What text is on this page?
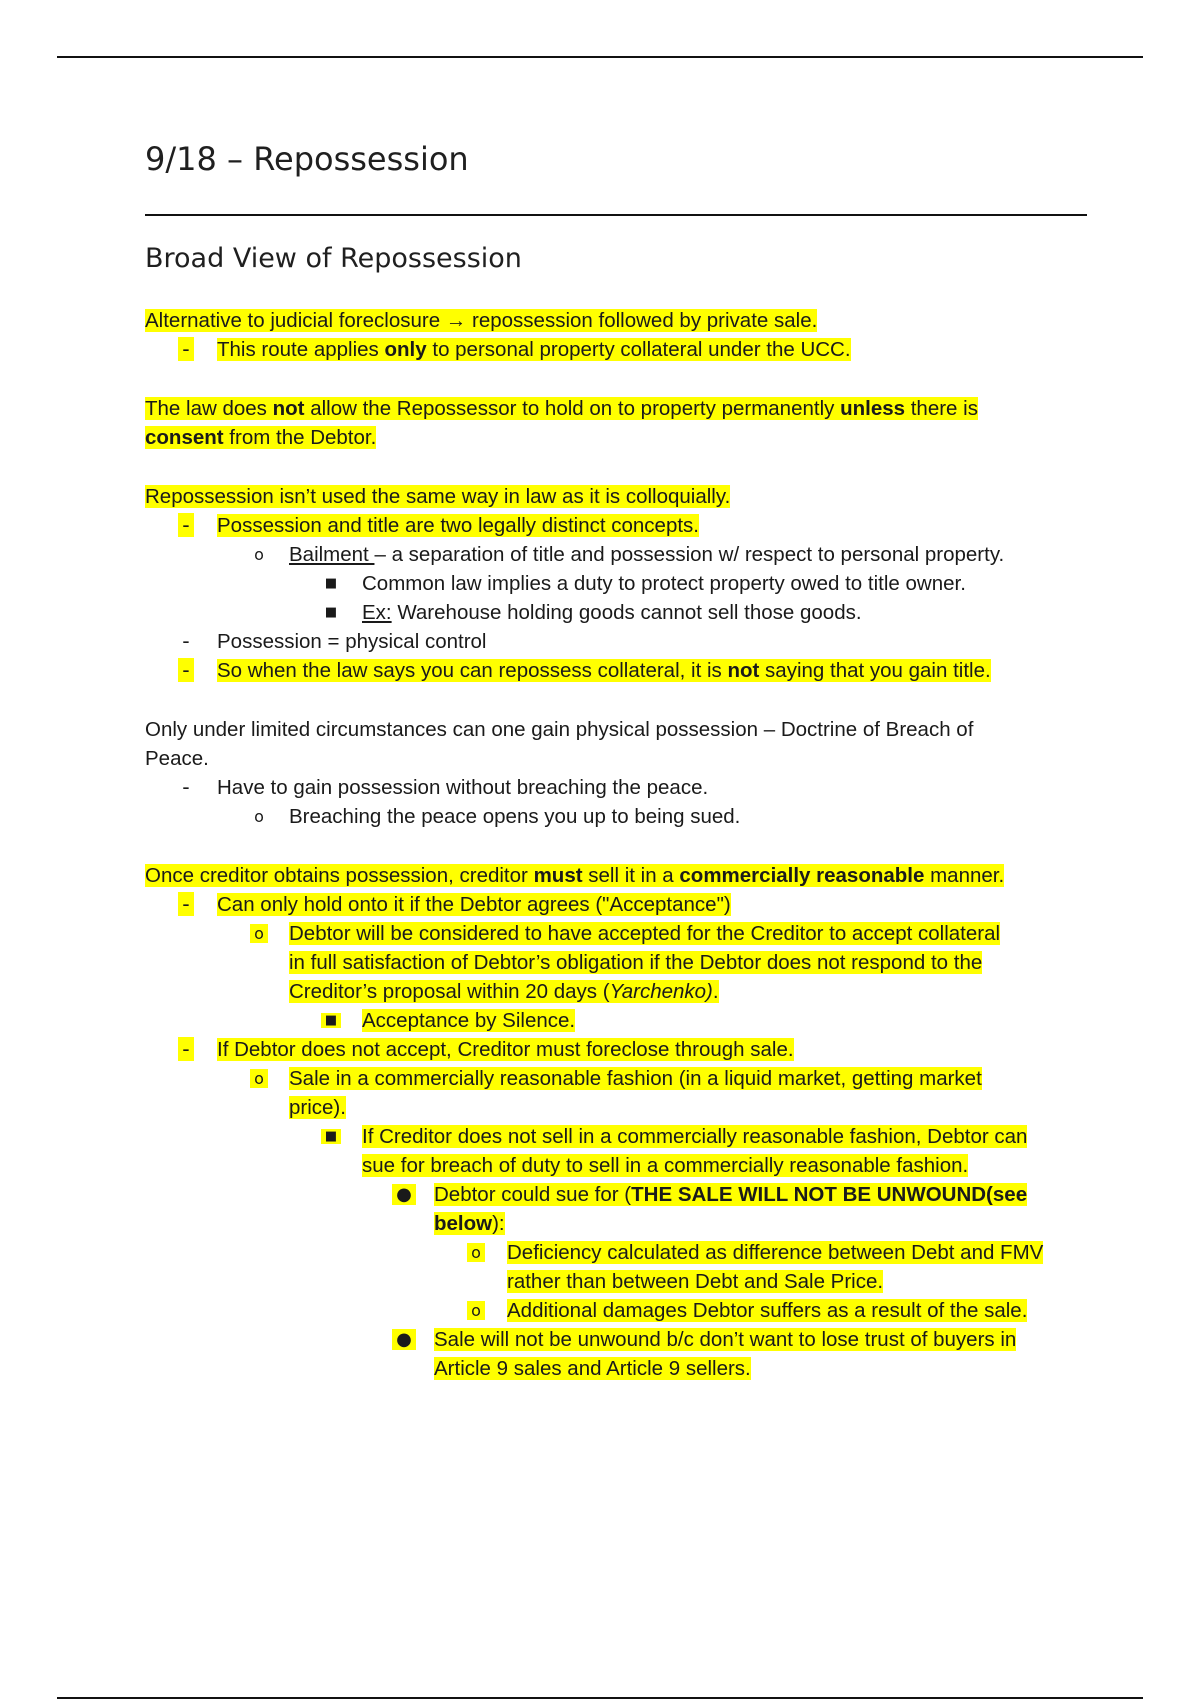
9/18 – Repossession
Broad View of Repossession
Alternative to judicial foreclosure → repossession followed by private sale.
-	This route applies only to personal property collateral under the UCC.
The law does not allow the Repossessor to hold on to property permanently unless there is
consent from the Debtor.
Repossession isn’t used the same way in law as it is colloquially.
-	Possession and title are two legally distinct concepts.
o	Bailment – a separation of title and possession w/ respect to personal property.
■	Common law implies a duty to protect property owed to title owner.
■	Ex: Warehouse holding goods cannot sell those goods.
-	Possession = physical control
-	So when the law says you can repossess collateral, it is not saying that you gain title.
Only under limited circumstances can one gain physical possession – Doctrine of Breach of
Peace.
-	Have to gain possession without breaching the peace.
o	Breaching the peace opens you up to being sued.
Once creditor obtains possession, creditor must sell it in a commercially reasonable manner.
-	Can only hold onto it if the Debtor agrees ("Acceptance")
o	Debtor will be considered to have accepted for the Creditor to accept collateral
in full satisfaction of Debtor’s obligation if the Debtor does not respond to the
Creditor’s proposal within 20 days (Yarchenko).
■	Acceptance by Silence.
-	If Debtor does not accept, Creditor must foreclose through sale.
o	Sale in a commercially reasonable fashion (in a liquid market, getting market
price).
■	If Creditor does not sell in a commercially reasonable fashion, Debtor can
sue for breach of duty to sell in a commercially reasonable fashion.
●	Debtor could sue for (THE SALE WILL NOT BE UNWOUND(see
below):
o	Deficiency calculated as difference between Debt and FMV
rather than between Debt and Sale Price.
o	Additional damages Debtor suffers as a result of the sale.
●	Sale will not be unwound b/c don’t want to lose trust of buyers in
Article 9 sales and Article 9 sellers.
